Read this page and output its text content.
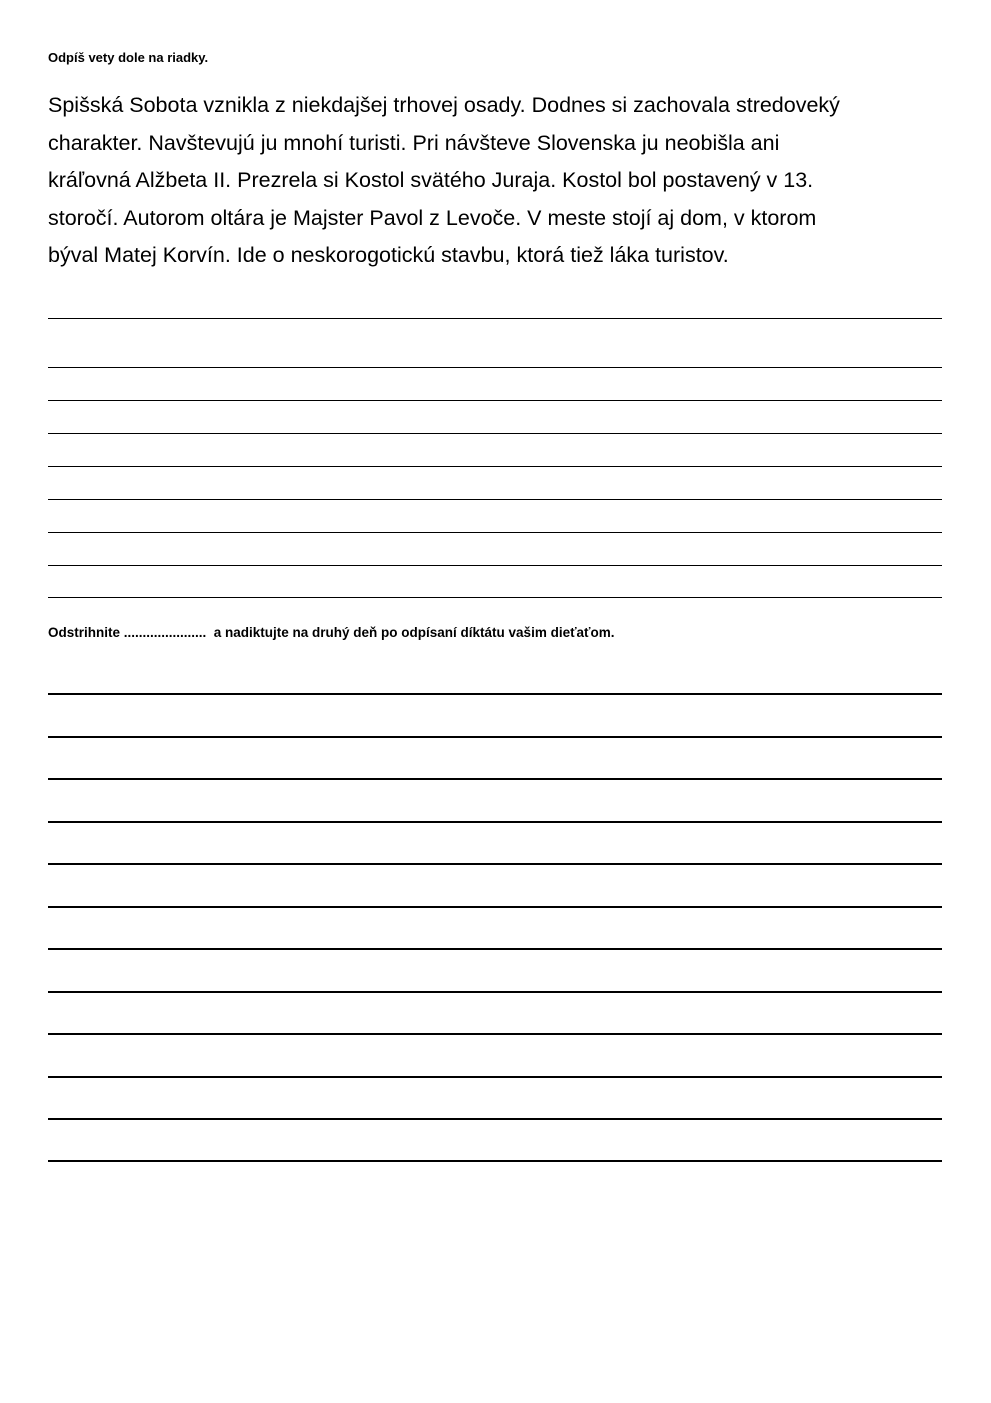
Odpíš vety dole na riadky.

Spišská Sobota vznikla z niekdajšej trhovej osady. Dodnes si zachovala stredoveký
charakter. Navštevujú ju mnohí turisti. Pri návšteve Slovenska ju neobišla ani
kráľovná Alžbeta II. Prezrela si Kostol svätého Juraja. Kostol bol postavený v 13.
storočí. Autorom oltára je Majster Pavol z Levoče. V meste stojí aj dom, v ktorom
býval Matej Korvín. Ide o neskorogotickú stavbu, ktorá tiež láka turistov.

Odstrihnite ......................  a nadiktujte na druhý deň po odpísaní díktátu vašim dieťaťom.
